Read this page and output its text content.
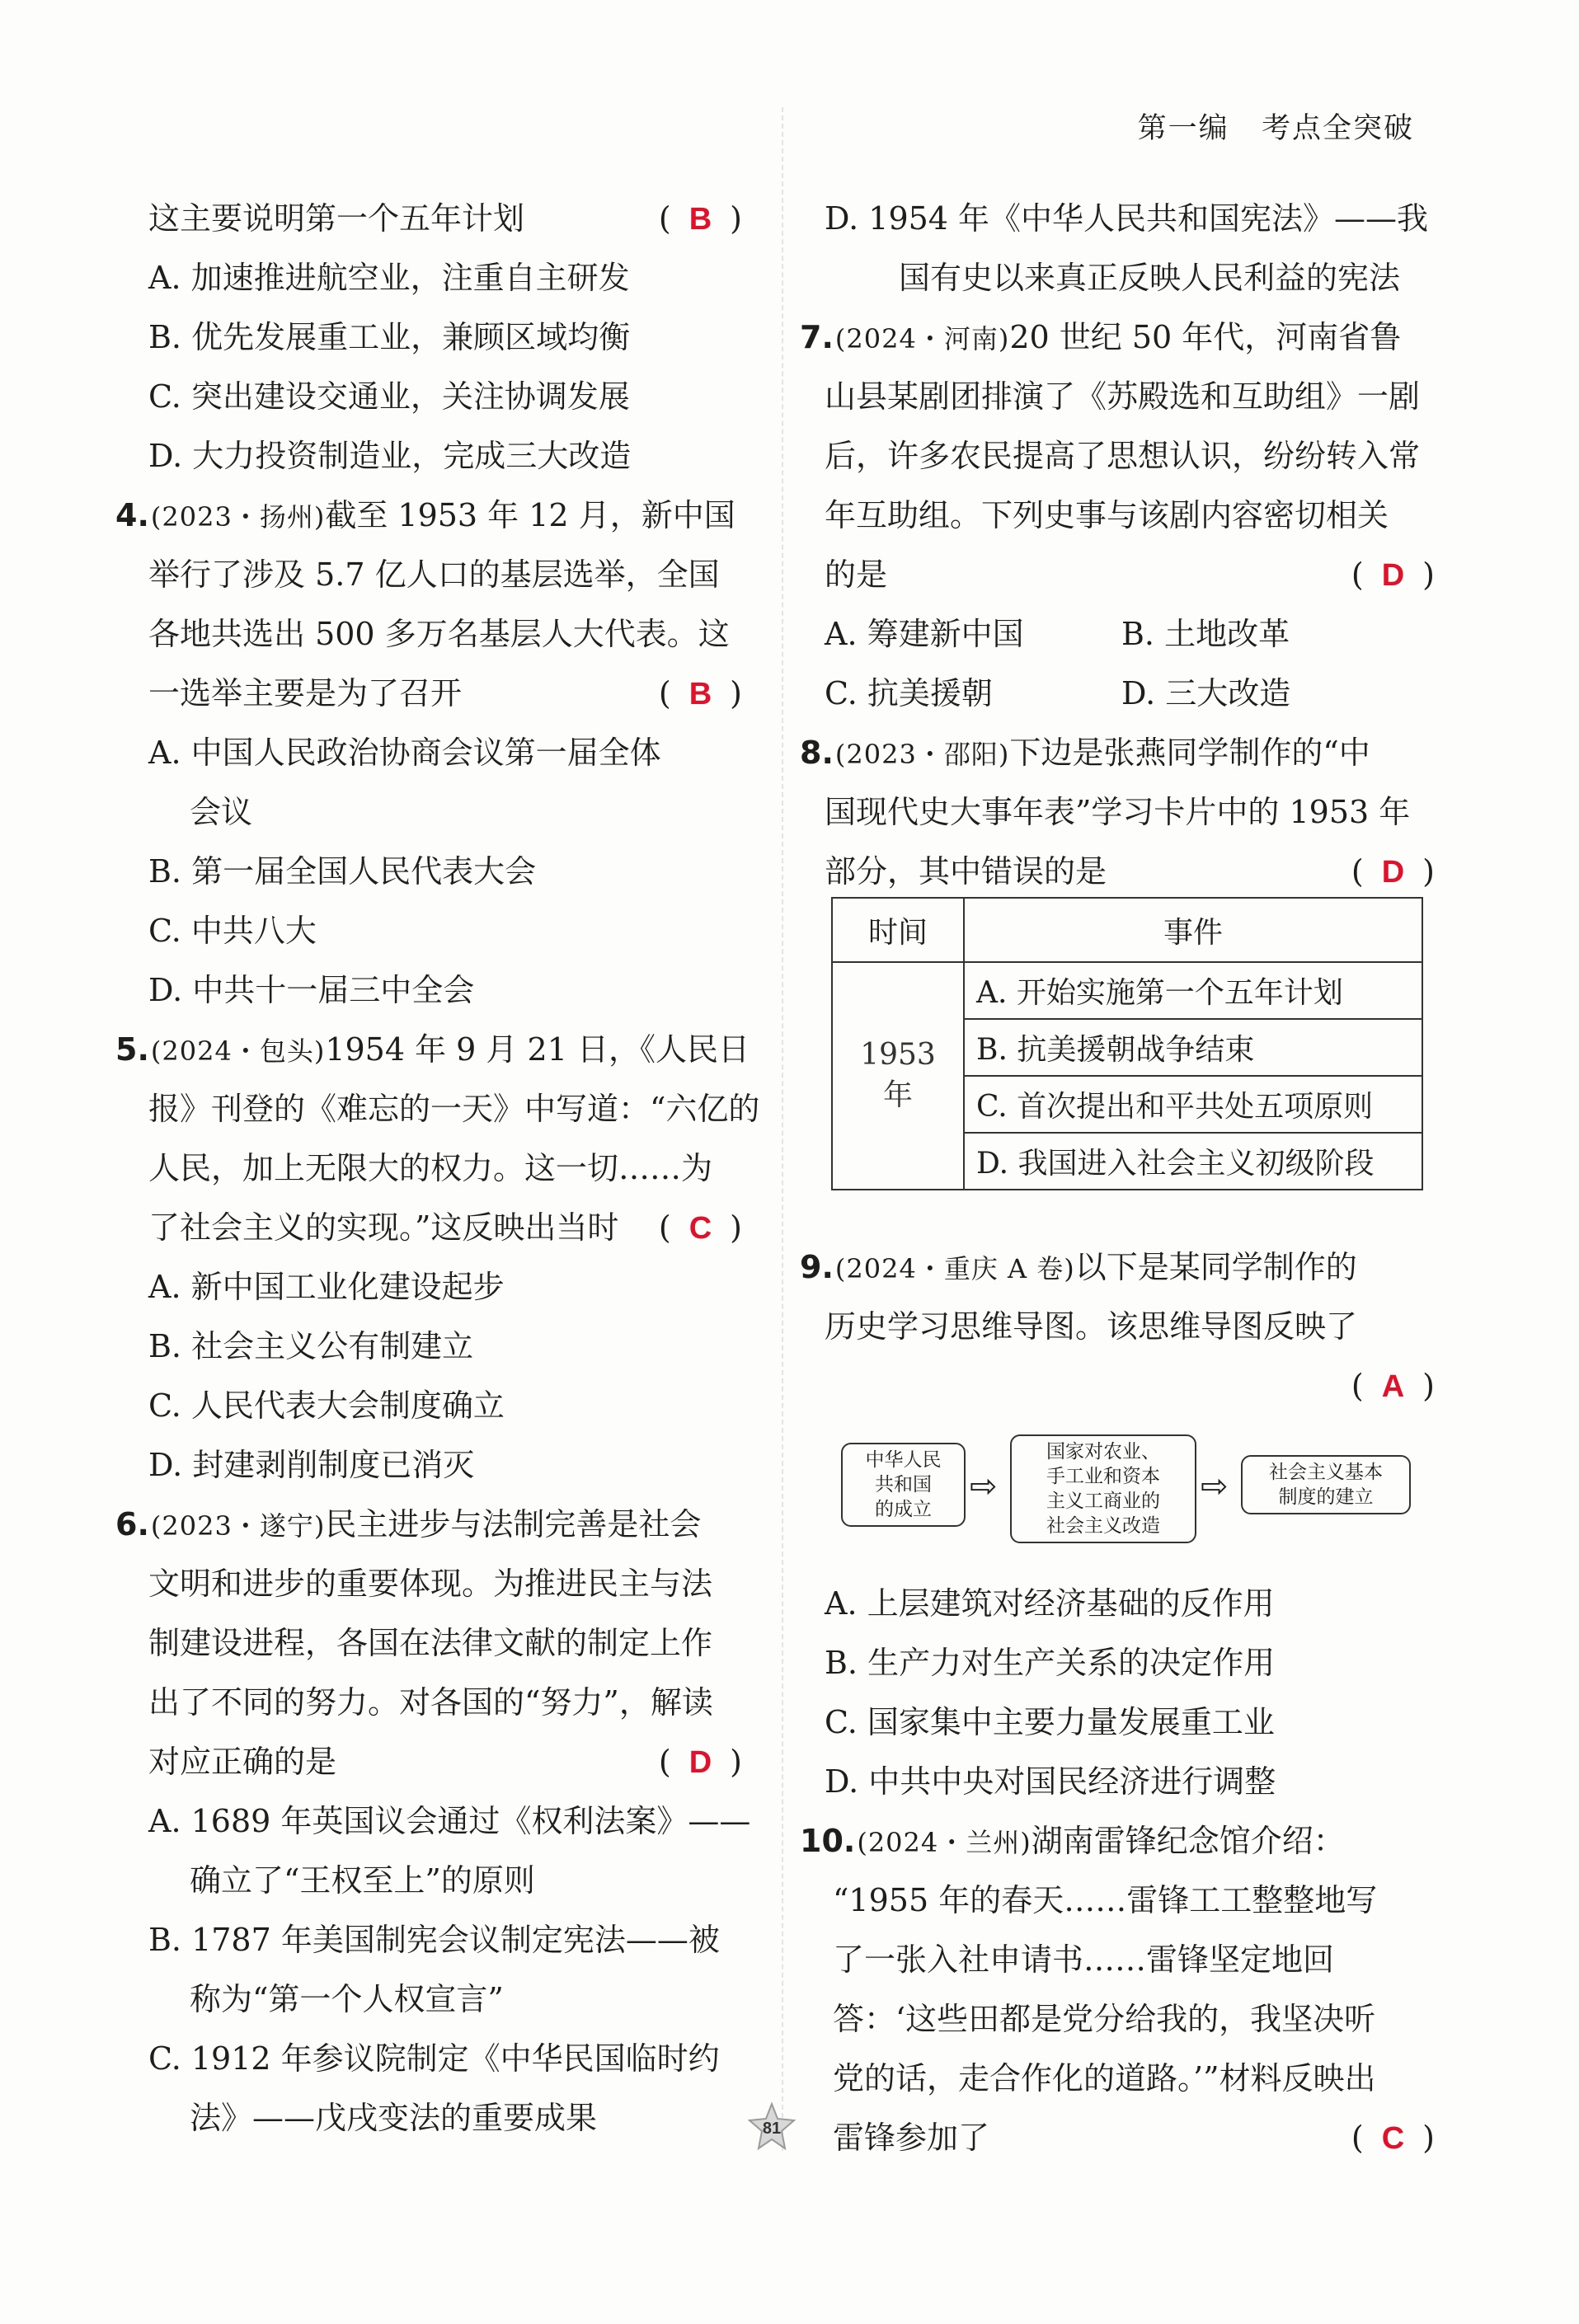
第一编 考点全突破
这主要说明第一个五年计划	( B )
A. 加速推进航空业，注重自主研发
B. 优先发展重工业，兼顾区域均衡
C. 突出建设交通业，关注协调发展
D. 大力投资制造业，完成三大改造
4.(2023・扬州)截至 1953 年 12 月，新中国
举行了涉及 5.7 亿人口的基层选举，全国
各地共选出 500 多万名基层人大代表。这
一选举主要是为了召开	( B )
A. 中国人民政治协商会议第一届全体
会议
B. 第一届全国人民代表大会
C. 中共八大
D. 中共十一届三中全会
5.(2024・包头)1954 年 9 月 21 日，《人民日
报》刊登的《难忘的一天》中写道：“六亿的
人民，加上无限大的权力。这一切……为
了社会主义的实现。”这反映出当时 ( C )
A. 新中国工业化建设起步
B. 社会主义公有制建立
C. 人民代表大会制度确立
D. 封建剥削制度已消灭
6.(2023・遂宁)民主进步与法制完善是社会
文明和进步的重要体现。为推进民主与法
制建设进程，各国在法律文献的制定上作
出了不同的努力。对各国的“努力”，解读
对应正确的是	( D )
A. 1689 年英国议会通过《权利法案》——
确立了“王权至上”的原则
B. 1787 年美国制宪会议制定宪法——被
称为“第一个人权宣言”
C. 1912 年参议院制定《中华民国临时约
法》——戊戌变法的重要成果
D. 1954 年《中华人民共和国宪法》——我
国有史以来真正反映人民利益的宪法
7.(2024・河南)20 世纪 50 年代，河南省鲁
山县某剧团排演了《苏殿选和互助组》一剧
后，许多农民提高了思想认识，纷纷转入常
年互助组。下列史事与该剧内容密切相关
的是	( D )
A. 筹建新中国	B. 土地改革
C. 抗美援朝	D. 三大改造
8.(2023・邵阳)下边是张燕同学制作的“中
国现代史大事年表”学习卡片中的 1953 年
部分，其中错误的是	( D )
时间	事件
1953 年	A. 开始实施第一个五年计划
	B. 抗美援朝战争结束
	C. 首次提出和平共处五项原则
	D. 我国进入社会主义初级阶段
9.(2024・重庆 A 卷)以下是某同学制作的
历史学习思维导图。该思维导图反映了
( A )
中华人民
共和国
的成立
⇨
国家对农业、
手工业和资本
主义工商业的
社会主义改造
⇨	社会主义基本
制度的建立
A. 上层建筑对经济基础的反作用
B. 生产力对生产关系的决定作用
C. 国家集中主要力量发展重工业
D. 中共中央对国民经济进行调整
10.(2024・兰州)湖南雷锋纪念馆介绍：
“1955 年的春天……雷锋工工整整地写
了一张入社申请书……雷锋坚定地回
答：‘这些田都是党分给我的，我坚决听
党的话，走合作化的道路。’”材料反映出
雷锋参加了	( C )
81
